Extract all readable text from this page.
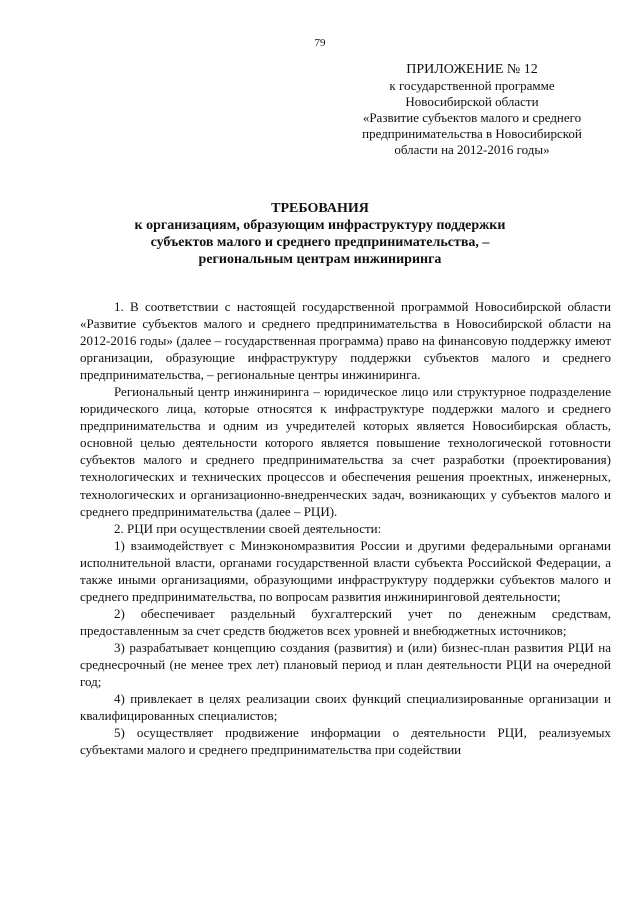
79
ПРИЛОЖЕНИЕ № 12
к государственной программе
Новосибирской области
«Развитие субъектов малого и среднего
предпринимательства в Новосибирской
области на 2012-2016 годы»
ТРЕБОВАНИЯ
к организациям, образующим инфраструктуру поддержки
субъектов малого и среднего предпринимательства, –
региональным центрам инжиниринга

1. В соответствии с настоящей государственной программой Новосибирской области «Развитие субъектов малого и среднего предпринимательства в Новосибирской области на 2012-2016 годы» (далее – государственная программа) право на финансовую поддержку имеют организации, образующие инфраструктуру поддержки субъектов малого и среднего предпринимательства, – региональные центры инжиниринга.

Региональный центр инжиниринга – юридическое лицо или структурное подразделение юридического лица, которые относятся к инфраструктуре поддержки малого и среднего предпринимательства и одним из учредителей которых является Новосибирская область, основной целью деятельности которого является повышение технологической готовности субъектов малого и среднего предпринимательства за счет разработки (проектирования) технологических и технических процессов и обеспечения решения проектных, инженерных, технологических и организационно-внедренческих задач, возникающих у субъектов малого и среднего предпринимательства (далее – РЦИ).

2. РЦИ при осуществлении своей деятельности:

1) взаимодействует с Минэкономразвития России и другими федеральными органами исполнительной власти, органами государственной власти субъекта Российской Федерации, а также иными организациями, образующими инфраструктуру поддержки субъектов малого и среднего предпринимательства, по вопросам развития инжиниринговой деятельности;

2) обеспечивает раздельный бухгалтерский учет по денежным средствам, предоставленным за счет средств бюджетов всех уровней и внебюджетных источников;

3) разрабатывает концепцию создания (развития) и (или) бизнес-план развития РЦИ на среднесрочный (не менее трех лет) плановый период и план деятельности РЦИ на очередной год;

4) привлекает в целях реализации своих функций специализированные организации и квалифицированных специалистов;

5) осуществляет продвижение информации о деятельности РЦИ, реализуемых субъектами малого и среднего предпринимательства при содействии
